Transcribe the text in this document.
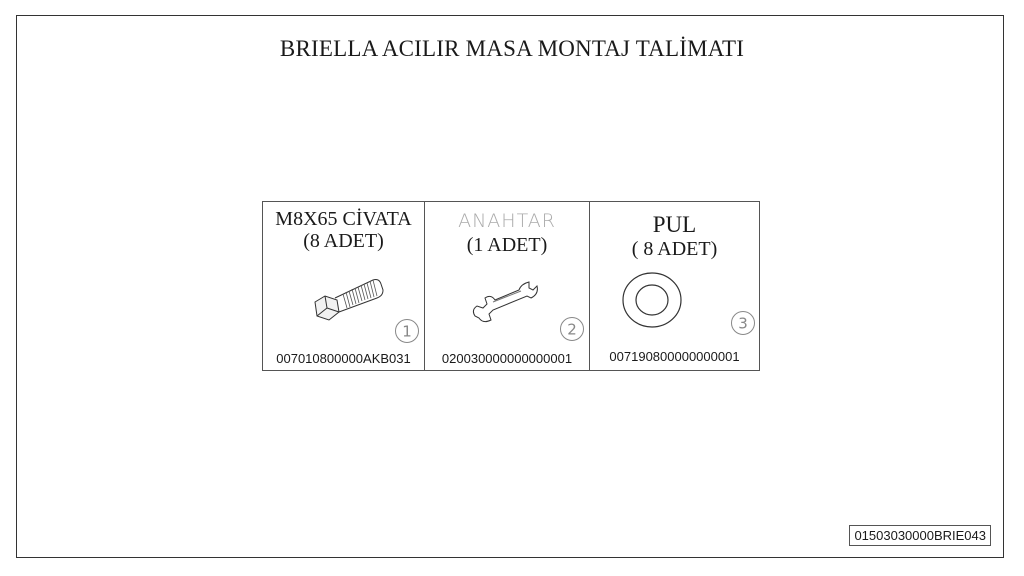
BRIELLA ACILIR MASA MONTAJ TALİMATI
M8X65 CİVATA
(8 ADET)
1
007010800000AKB031
ANAHTAR
(1 ADET)
2
020030000000000001
PUL
( 8 ADET)
3
007190800000000001
01503030000BRIE043
